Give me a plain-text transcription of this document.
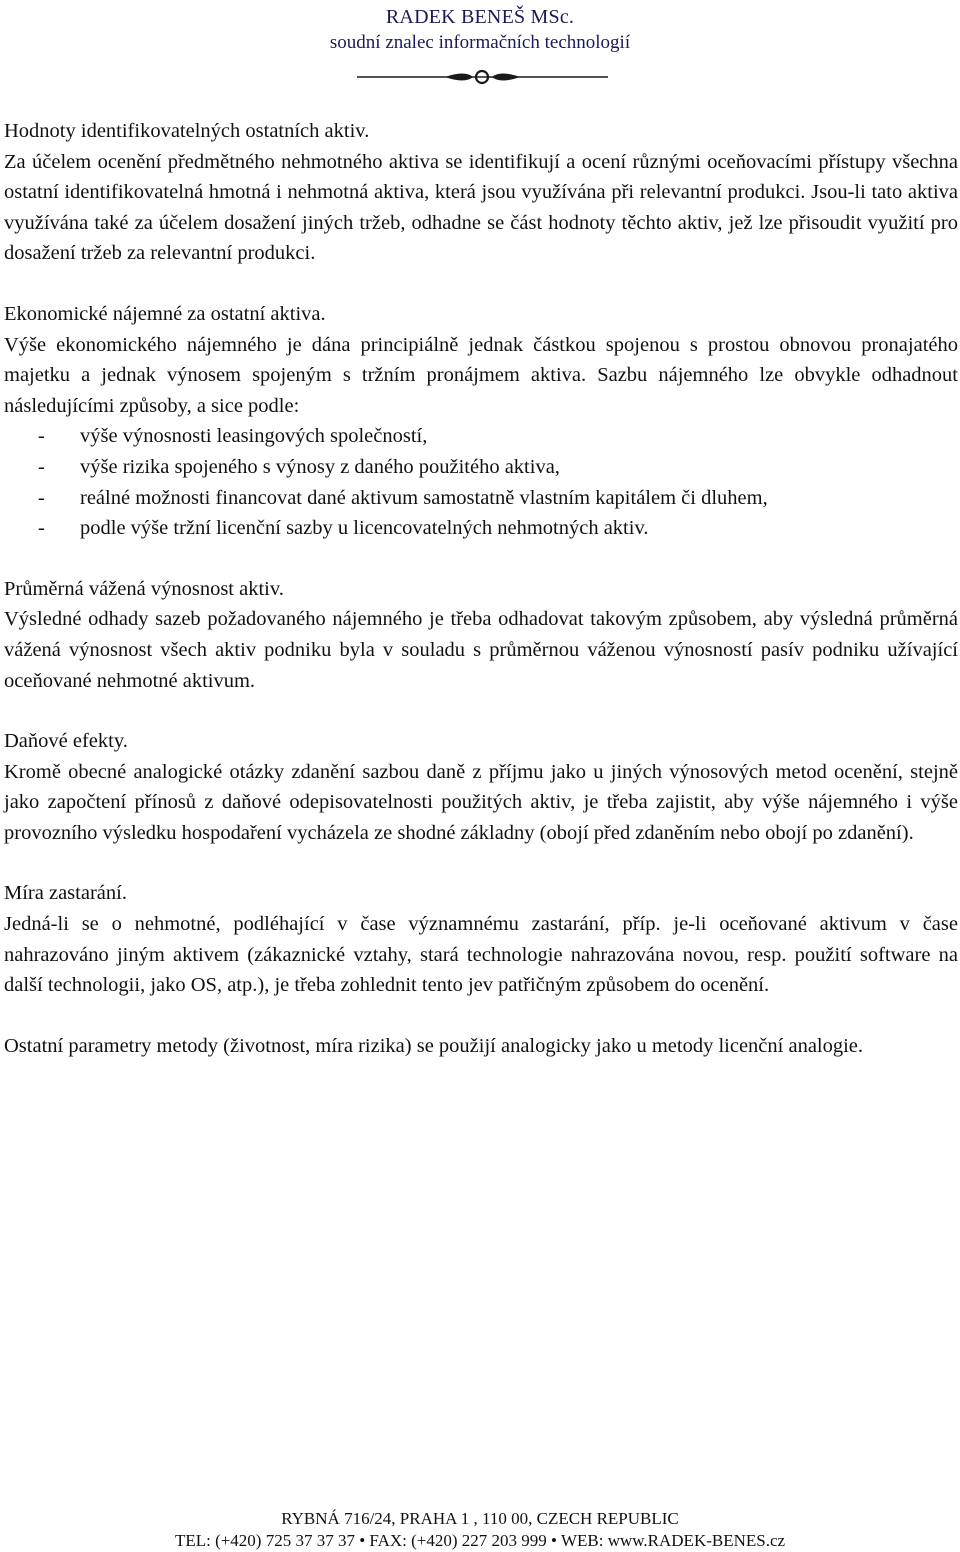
RADEK BENEŠ MSc.
soudní znalec informačních technologií

Hodnoty identifikovatelných ostatních aktiv.

Za účelem ocenění předmětného nehmotného aktiva se identifikují a ocení různými oceňovacími přístupy všechna ostatní identifikovatelná hmotná i nehmotná aktiva, která jsou využívána při relevantní produkci. Jsou-li tato aktiva využívána také za účelem dosažení jiných tržeb, odhadne se část hodnoty těchto aktiv, jež lze přisoudit využití pro dosažení tržeb za relevantní produkci.

Ekonomické nájemné za ostatní aktiva.

Výše ekonomického nájemného je dána principiálně jednak částkou spojenou s prostou obnovou pronajatého majetku a jednak výnosem spojeným s tržním pronájmem aktiva. Sazbu nájemného lze obvykle odhadnout následujícími způsoby, a sice podle:

- výše výnosnosti leasingových společností,
- výše rizika spojeného s výnosy z daného použitého aktiva,
- reálné možnosti financovat dané aktivum samostatně vlastním kapitálem či dluhem,
- podle výše tržní licenční sazby u licencovatelných nehmotných aktiv.

Průměrná vážená výnosnost aktiv.

Výsledné odhady sazeb požadovaného nájemného je třeba odhadovat takovým způsobem, aby výsledná průměrná vážená výnosnost všech aktiv podniku byla v souladu s průměrnou váženou výnosností pasív podniku užívající oceňované nehmotné aktivum.

Daňové efekty.

Kromě obecné analogické otázky zdanění sazbou daně z příjmu jako u jiných výnosových metod ocenění, stejně jako započtení přínosů z daňové odepisovatelnosti použitých aktiv, je třeba zajistit, aby výše nájemného i výše provozního výsledku hospodaření vycházela ze shodné základny (obojí před zdaněním nebo obojí po zdanění).

Míra zastarání.

Jedná-li se o nehmotné, podléhající v čase významnému zastarání, příp. je-li oceňované aktivum v čase nahrazováno jiným aktivem (zákaznické vztahy, stará technologie nahrazována novou, resp. použití software na další technologii, jako OS, atp.), je třeba zohlednit tento jev patřičným způsobem do ocenění.

Ostatní parametry metody (životnost, míra rizika) se použijí analogicky jako u metody licenční analogie.

RYBNÁ 716/24, PRAHA 1 , 110 00, CZECH REPUBLIC
TEL: (+420) 725 37 37 37 • FAX: (+420) 227 203 999 • WEB: www.RADEK-BENES.cz
